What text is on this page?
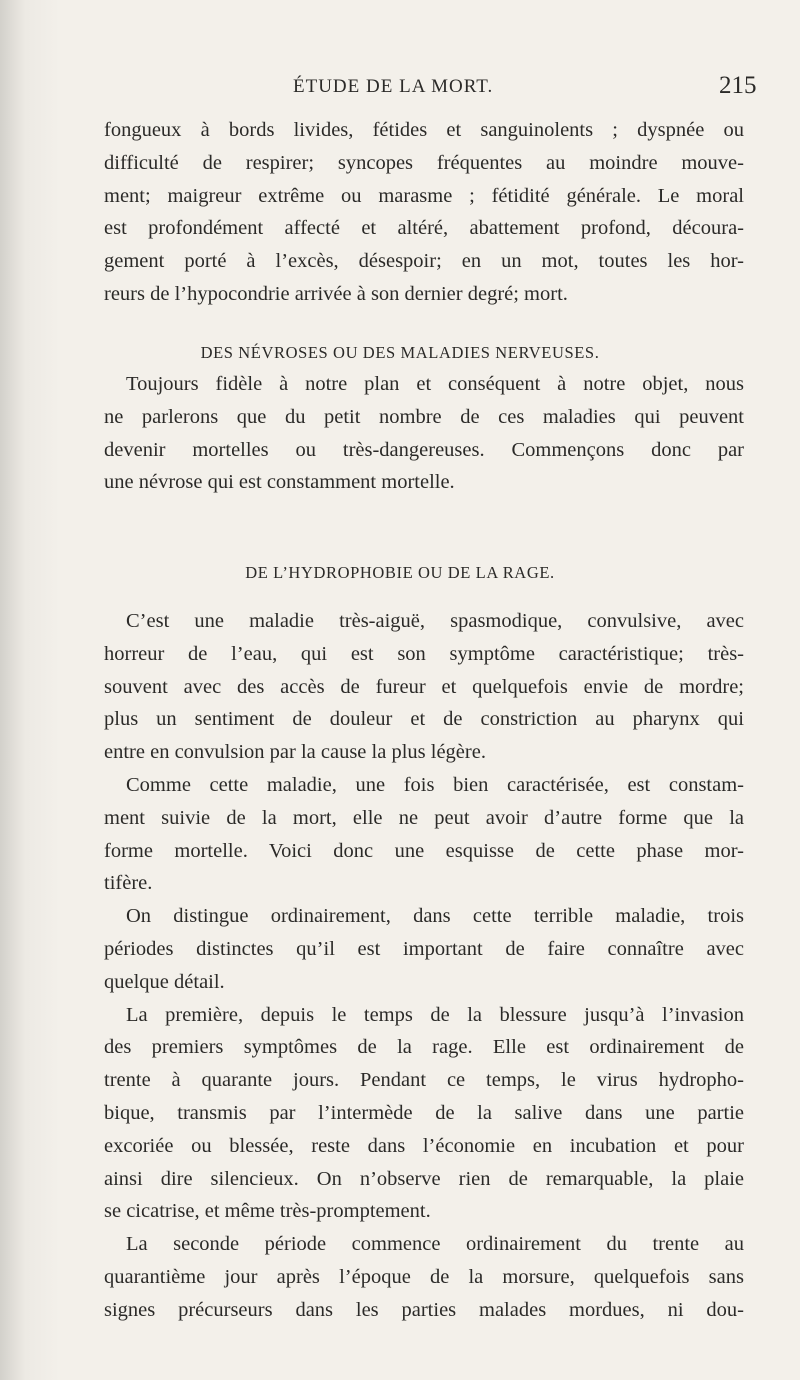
ÉTUDE DE LA MORT.	215
fongueux à bords livides, fétides et sanguinolents ; dyspnée ou
difficulté de respirer; syncopes fréquentes au moindre mouve-
ment; maigreur extrême ou marasme ; fétidité générale. Le moral
est profondément affecté et altéré, abattement profond, découra-
gement porté à l’excès, désespoir; en un mot, toutes les hor-
reurs de l’hypocondrie arrivée à son dernier degré; mort.
DES NÉVROSES OU DES MALADIES NERVEUSES.
Toujours fidèle à notre plan et conséquent à notre objet, nous
ne parlerons que du petit nombre de ces maladies qui peuvent
devenir mortelles ou très-dangereuses. Commençons donc par
une névrose qui est constamment mortelle.
DE L’HYDROPHOBIE OU DE LA RAGE.
C’est une maladie très-aiguë, spasmodique, convulsive, avec
horreur de l’eau, qui est son symptôme caractéristique; très-
souvent avec des accès de fureur et quelquefois envie de mordre;
plus un sentiment de douleur et de constriction au pharynx qui
entre en convulsion par la cause la plus légère.
Comme cette maladie, une fois bien caractérisée, est constam-
ment suivie de la mort, elle ne peut avoir d’autre forme que la
forme mortelle. Voici donc une esquisse de cette phase mor-
tifère.
On distingue ordinairement, dans cette terrible maladie, trois
périodes distinctes qu’il est important de faire connaître avec
quelque détail.
La première, depuis le temps de la blessure jusqu’à l’invasion
des premiers symptômes de la rage. Elle est ordinairement de
trente à quarante jours. Pendant ce temps, le virus hydropho-
bique, transmis par l’intermède de la salive dans une partie
excoriée ou blessée, reste dans l’économie en incubation et pour
ainsi dire silencieux. On n’observe rien de remarquable, la plaie
se cicatrise, et même très-promptement.
La seconde période commence ordinairement du trente au
quarantième jour après l’époque de la morsure, quelquefois sans
signes précurseurs dans les parties malades mordues, ni dou-
